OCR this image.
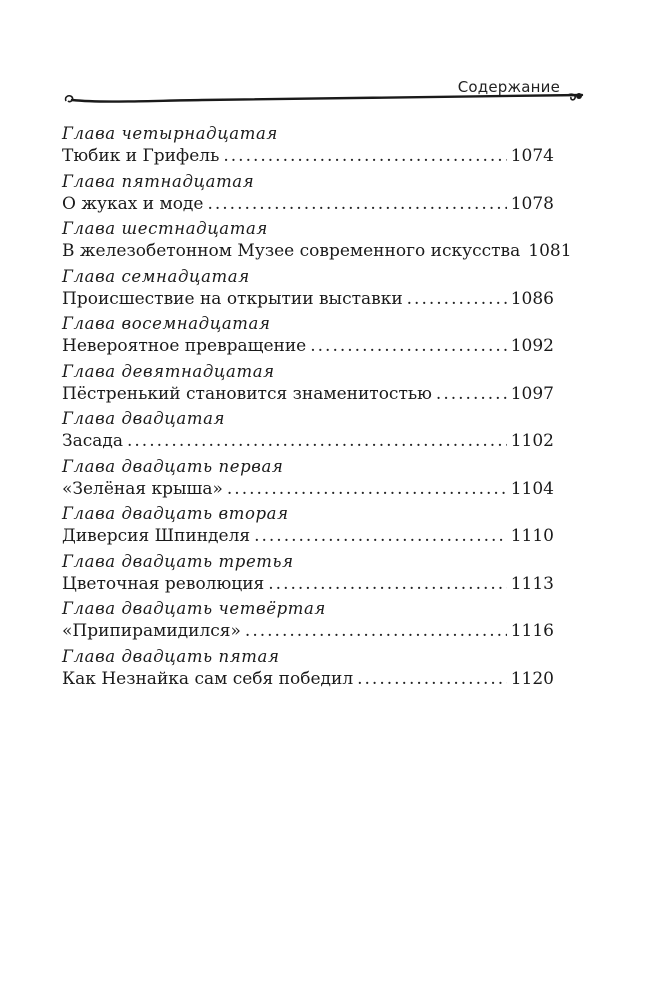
Содержание
Глава четырнадцатая
Тюбик и Грифель .....	1074
Глава пятнадцатая
О жуках и моде .....	1078
Глава шестнадцатая
В железобетонном Музее современного искусства 1081
Глава семнадцатая
Происшествие на открытии выставки .....	1086
Глава восемнадцатая
Невероятное превращение .....	1092
Глава девятнадцатая
Пёстренький становится знаменитостью .....	1097
Глава двадцатая
Засада .....	1102
Глава двадцать первая
«Зелёная крыша» .....	1104
Глава двадцать вторая
Диверсия Шпинделя .....	1110
Глава двадцать третья
Цветочная революция .....	1113
Глава двадцать четвёртая
«Припирамидился» .....	1116
Глава двадцать пятая
Как Незнайка сам себя победил .....	1120
